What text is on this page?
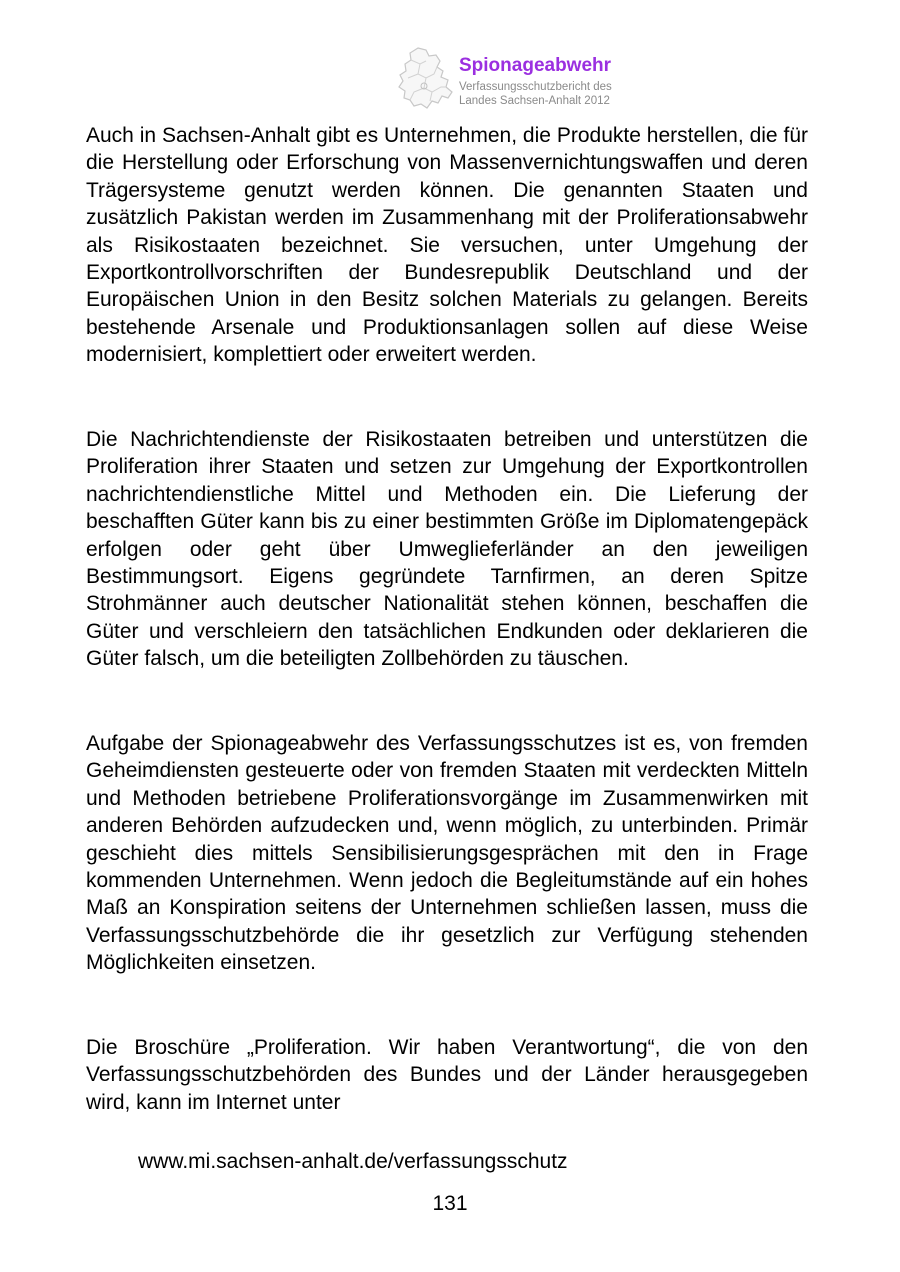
Spionageabwehr
Verfassungsschutzbericht des
Landes Sachsen-Anhalt 2012

Auch in Sachsen-Anhalt gibt es Unternehmen, die Produkte herstellen, die für die Herstellung oder Erforschung von Massenvernichtungswaffen und deren Trägersysteme genutzt werden können. Die genannten Staaten und zusätzlich Pakistan werden im Zusammenhang mit der Proliferationsabwehr als Risikostaaten bezeichnet. Sie versuchen, unter Umgehung der Exportkontrollvorschriften der Bundesrepublik Deutschland und der Europäischen Union in den Besitz solchen Materials zu gelangen. Bereits bestehende Arsenale und Produktionsanlagen sollen auf diese Weise modernisiert, komplettiert oder erweitert werden.

Die Nachrichtendienste der Risikostaaten betreiben und unterstützen die Proliferation ihrer Staaten und setzen zur Umgehung der Exportkontrollen nachrichtendienstliche Mittel und Methoden ein. Die Lieferung der beschafften Güter kann bis zu einer bestimmten Größe im Diplomatengepäck erfolgen oder geht über Umweglieferländer an den jeweiligen Bestimmungsort. Eigens gegründete Tarnfirmen, an deren Spitze Strohmänner auch deutscher Nationalität stehen können, beschaffen die Güter und verschleiern den tatsächlichen Endkunden oder deklarieren die Güter falsch, um die beteiligten Zollbehörden zu täuschen.

Aufgabe der Spionageabwehr des Verfassungsschutzes ist es, von fremden Geheimdiensten gesteuerte oder von fremden Staaten mit verdeckten Mitteln und Methoden betriebene Proliferationsvorgänge im Zusammenwirken mit anderen Behörden aufzudecken und, wenn möglich, zu unterbinden. Primär geschieht dies mittels Sensibilisierungsgesprächen mit den in Frage kommenden Unternehmen. Wenn jedoch die Begleitumstände auf ein hohes Maß an Konspiration seitens der Unternehmen schließen lassen, muss die Verfassungsschutzbehörde die ihr gesetzlich zur Verfügung stehenden Möglichkeiten einsetzen.

Die Broschüre „Proliferation. Wir haben Verantwortung“, die von den Verfassungsschutzbehörden des Bundes und der Länder herausgegeben wird, kann im Internet unter

www.mi.sachsen-anhalt.de/verfassungsschutz
131
